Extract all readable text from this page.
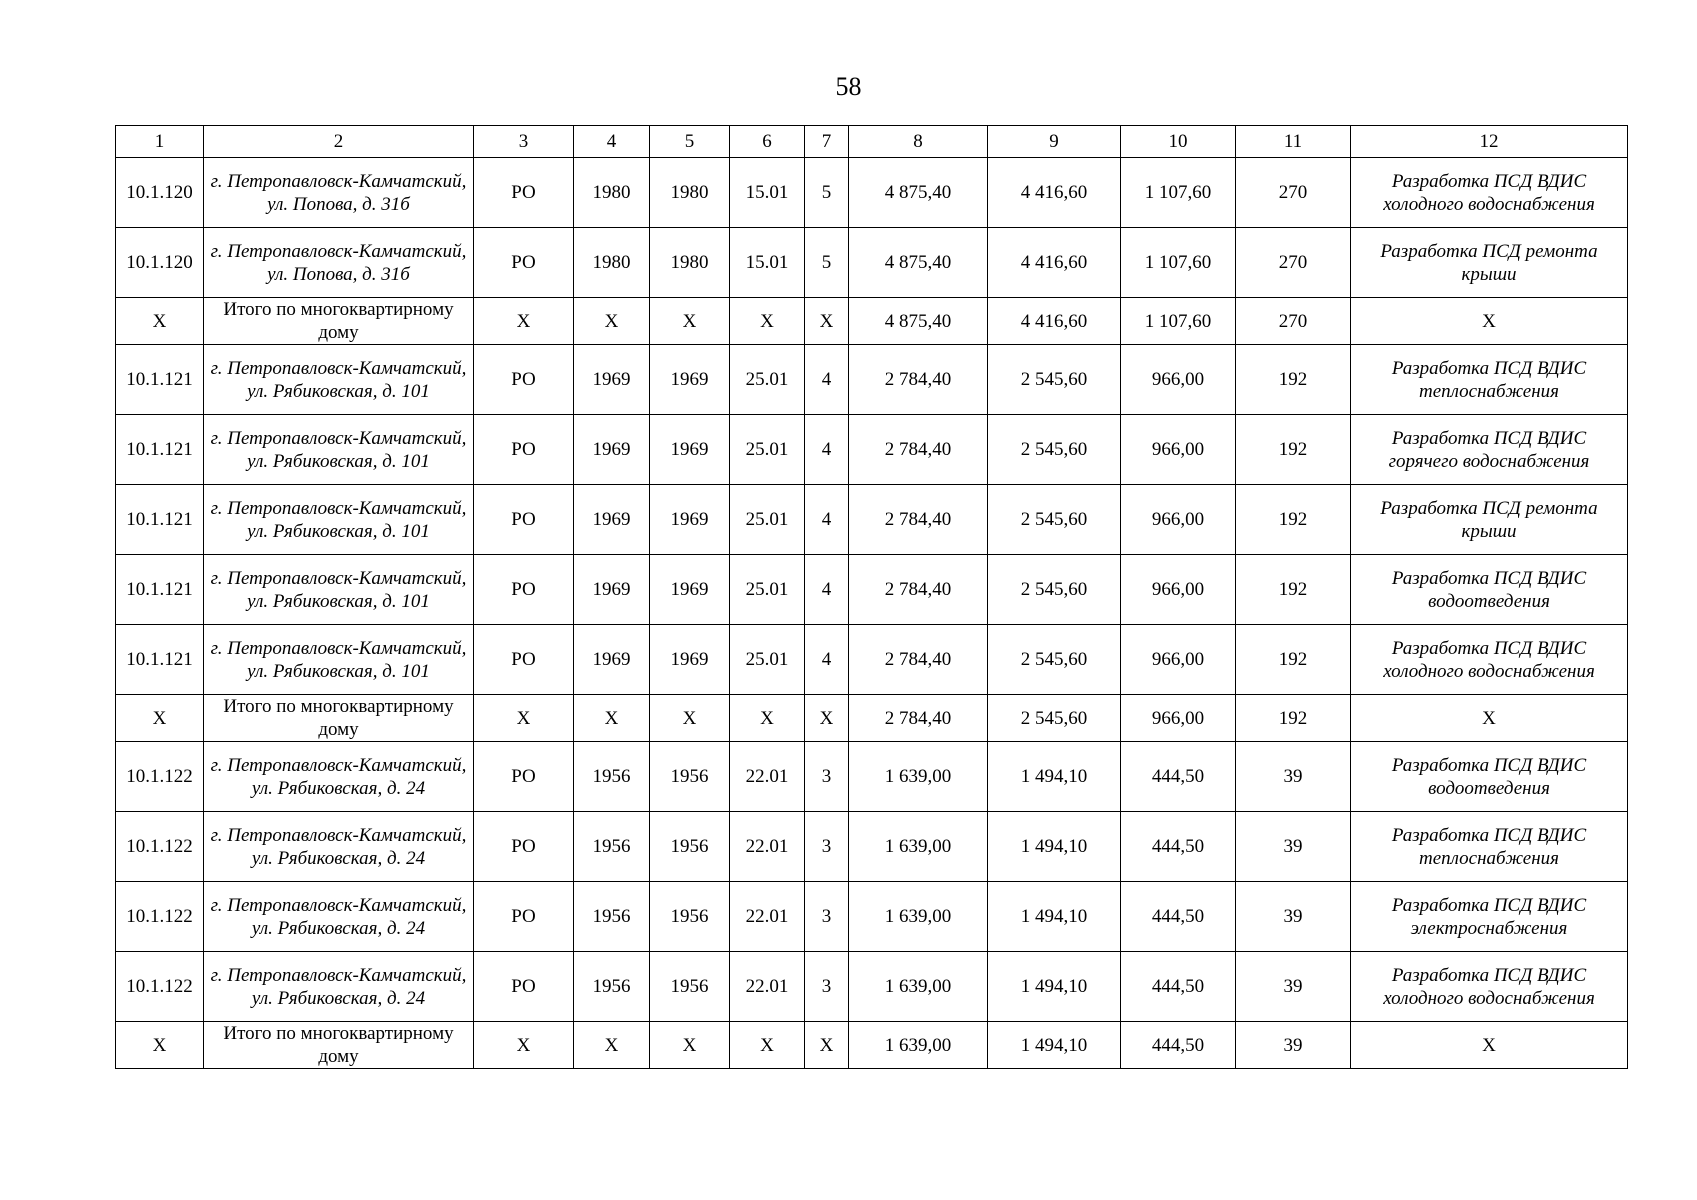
58
1	2	3	4	5	6	7	8	9	10	11	12
10.1.120	г. Петропавловск-Камчатский, ул. Попова, д. 31б	РО	1980	1980	15.01	5	4 875,40	4 416,60	1 107,60	270	Разработка ПСД ВДИС холодного водоснабжения
10.1.120	г. Петропавловск-Камчатский, ул. Попова, д. 31б	РО	1980	1980	15.01	5	4 875,40	4 416,60	1 107,60	270	Разработка ПСД ремонта крыши
Х	Итого по многоквартирному дому	Х	Х	Х	Х	Х	4 875,40	4 416,60	1 107,60	270	Х
10.1.121	г. Петропавловск-Камчатский, ул. Рябиковская, д. 101	РО	1969	1969	25.01	4	2 784,40	2 545,60	966,00	192	Разработка ПСД ВДИС теплоснабжения
10.1.121	г. Петропавловск-Камчатский, ул. Рябиковская, д. 101	РО	1969	1969	25.01	4	2 784,40	2 545,60	966,00	192	Разработка ПСД ВДИС горячего водоснабжения
10.1.121	г. Петропавловск-Камчатский, ул. Рябиковская, д. 101	РО	1969	1969	25.01	4	2 784,40	2 545,60	966,00	192	Разработка ПСД ремонта крыши
10.1.121	г. Петропавловск-Камчатский, ул. Рябиковская, д. 101	РО	1969	1969	25.01	4	2 784,40	2 545,60	966,00	192	Разработка ПСД ВДИС водоотведения
10.1.121	г. Петропавловск-Камчатский, ул. Рябиковская, д. 101	РО	1969	1969	25.01	4	2 784,40	2 545,60	966,00	192	Разработка ПСД ВДИС холодного водоснабжения
Х	Итого по многоквартирному дому	Х	Х	Х	Х	Х	2 784,40	2 545,60	966,00	192	Х
10.1.122	г. Петропавловск-Камчатский, ул. Рябиковская, д. 24	РО	1956	1956	22.01	3	1 639,00	1 494,10	444,50	39	Разработка ПСД ВДИС водоотведения
10.1.122	г. Петропавловск-Камчатский, ул. Рябиковская, д. 24	РО	1956	1956	22.01	3	1 639,00	1 494,10	444,50	39	Разработка ПСД ВДИС теплоснабжения
10.1.122	г. Петропавловск-Камчатский, ул. Рябиковская, д. 24	РО	1956	1956	22.01	3	1 639,00	1 494,10	444,50	39	Разработка ПСД ВДИС электроснабжения
10.1.122	г. Петропавловск-Камчатский, ул. Рябиковская, д. 24	РО	1956	1956	22.01	3	1 639,00	1 494,10	444,50	39	Разработка ПСД ВДИС холодного водоснабжения
Х	Итого по многоквартирному дому	Х	Х	Х	Х	Х	1 639,00	1 494,10	444,50	39	Х
